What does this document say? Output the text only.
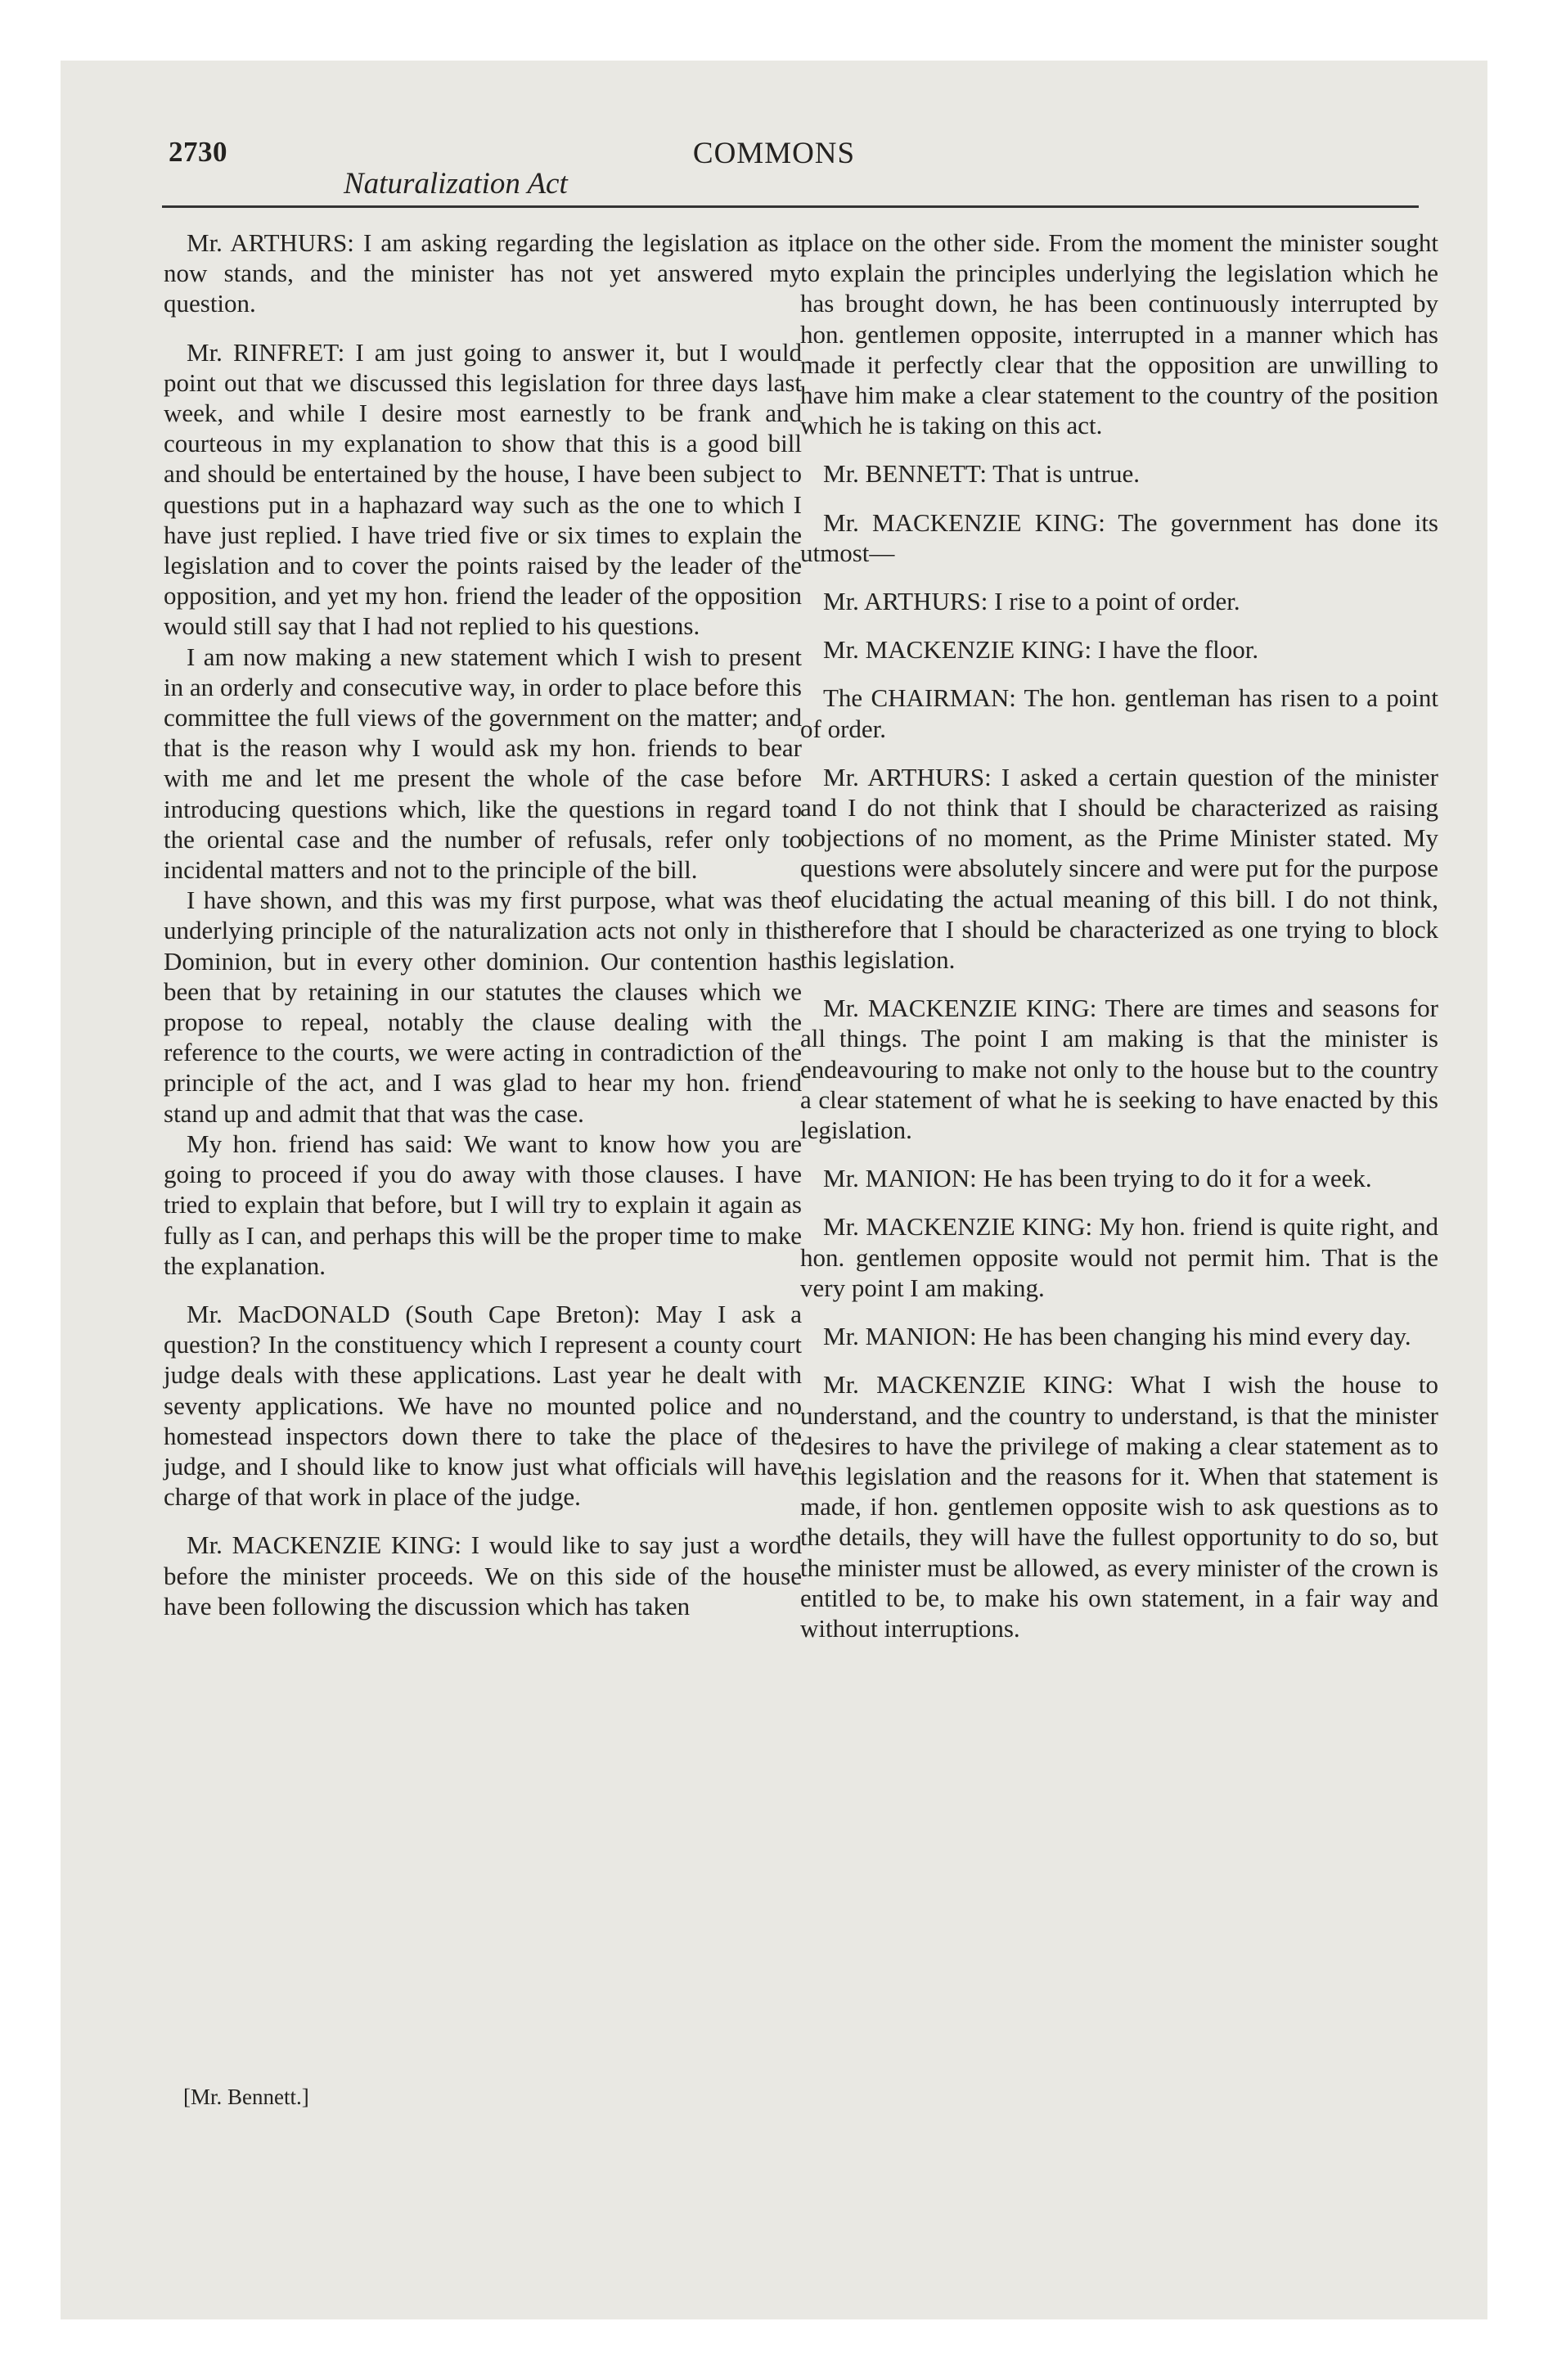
2730	COMMONS
Naturalization Act

Mr. ARTHURS: I am asking regarding the legislation as it now stands, and the minister has not yet answered my question.

Mr. RINFRET: I am just going to answer it, but I would point out that we discussed this legislation for three days last week, and while I desire most earnestly to be frank and courteous in my explanation to show that this is a good bill and should be entertained by the house, I have been subject to questions put in a haphazard way such as the one to which I have just replied. I have tried five or six times to explain the legislation and to cover the points raised by the leader of the opposition, and yet my hon. friend the leader of the opposition would still say that I had not replied to his questions.

I am now making a new statement which I wish to present in an orderly and consecutive way, in order to place before this committee the full views of the government on the matter; and that is the reason why I would ask my hon. friends to bear with me and let me present the whole of the case before introducing questions which, like the questions in regard to the oriental case and the number of refusals, refer only to incidental matters and not to the principle of the bill.

I have shown, and this was my first purpose, what was the underlying principle of the naturalization acts not only in this Dominion, but in every other dominion. Our contention has been that by retaining in our statutes the clauses which we propose to repeal, notably the clause dealing with the reference to the courts, we were acting in contradiction of the principle of the act, and I was glad to hear my hon. friend stand up and admit that that was the case.

My hon. friend has said: We want to know how you are going to proceed if you do away with those clauses. I have tried to explain that before, but I will try to explain it again as fully as I can, and perhaps this will be the proper time to make the explanation.

Mr. MacDONALD (South Cape Breton): May I ask a question? In the constituency which I represent a county court judge deals with these applications. Last year he dealt with seventy applications. We have no mounted police and no homestead inspectors down there to take the place of the judge, and I should like to know just what officials will have charge of that work in place of the judge.

Mr. MACKENZIE KING: I would like to say just a word before the minister proceeds. We on this side of the house have been following the discussion which has taken

place on the other side. From the moment the minister sought to explain the principles underlying the legislation which he has brought down, he has been continuously interrupted by hon. gentlemen opposite, interrupted in a manner which has made it perfectly clear that the opposition are unwilling to have him make a clear statement to the country of the position which he is taking on this act.

Mr. BENNETT: That is untrue.

Mr. MACKENZIE KING: The government has done its utmost—

Mr. ARTHURS: I rise to a point of order.

Mr. MACKENZIE KING: I have the floor.

The CHAIRMAN: The hon. gentleman has risen to a point of order.

Mr. ARTHURS: I asked a certain question of the minister and I do not think that I should be characterized as raising objections of no moment, as the Prime Minister stated. My questions were absolutely sincere and were put for the purpose of elucidating the actual meaning of this bill. I do not think, therefore that I should be characterized as one trying to block this legislation.

Mr. MACKENZIE KING: There are times and seasons for all things. The point I am making is that the minister is endeavouring to make not only to the house but to the country a clear statement of what he is seeking to have enacted by this legislation.

Mr. MANION: He has been trying to do it for a week.

Mr. MACKENZIE KING: My hon. friend is quite right, and hon. gentlemen opposite would not permit him. That is the very point I am making.

Mr. MANION: He has been changing his mind every day.

Mr. MACKENZIE KING: What I wish the house to understand, and the country to understand, is that the minister desires to have the privilege of making a clear statement as to this legislation and the reasons for it. When that statement is made, if hon. gentlemen opposite wish to ask questions as to the details, they will have the fullest opportunity to do so, but the minister must be allowed, as every minister of the crown is entitled to be, to make his own statement, in a fair way and without interruptions.

[Mr. Bennett.]
